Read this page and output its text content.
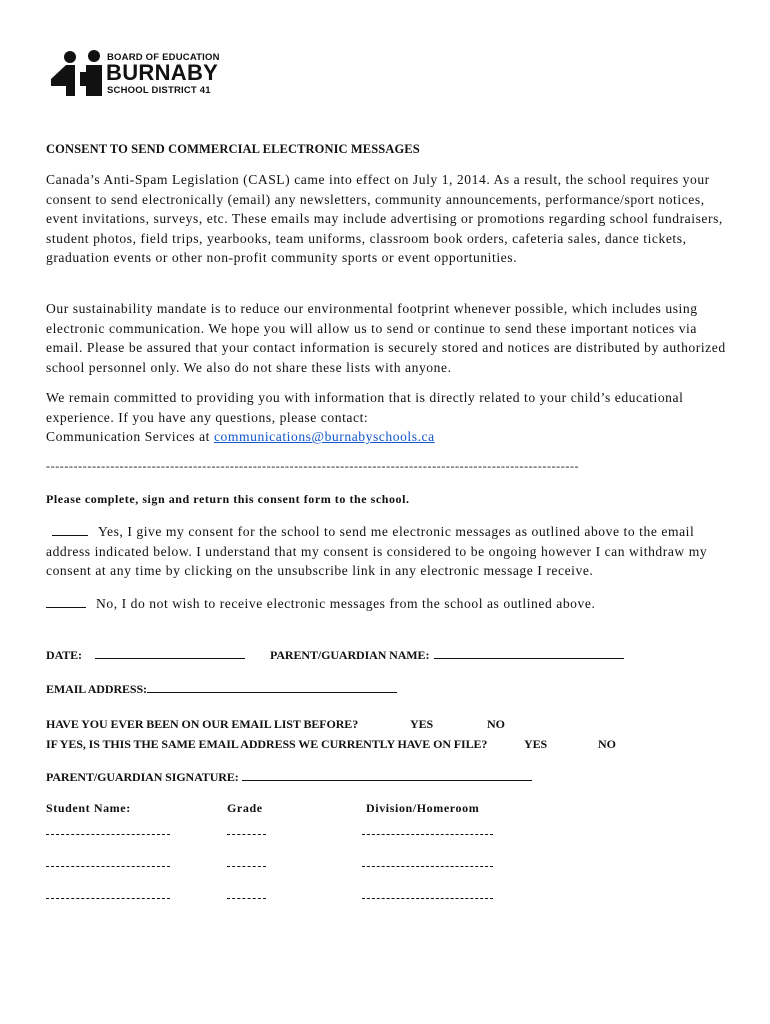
BOARD OF EDUCATION
BURNABY
SCHOOL DISTRICT 41
CONSENT TO SEND COMMERCIAL ELECTRONIC MESSAGES
Canada’s Anti-Spam Legislation (CASL) came into effect on July 1, 2014. As a result, the school requires your consent to send electronically (email) any newsletters, community announcements, performance/sport notices, event invitations, surveys, etc. These emails may include advertising or promotions regarding school fundraisers, student photos, field trips, yearbooks, team uniforms, classroom book orders, cafeteria sales, dance tickets, graduation events or other non-profit community sports or event opportunities.
Our sustainability mandate is to reduce our environmental footprint whenever possible, which includes using electronic communication. We hope you will allow us to send or continue to send these important notices via email. Please be assured that your contact information is securely stored and notices are distributed by authorized school personnel only. We also do not share these lists with anyone.
We remain committed to providing you with information that is directly related to your child’s educational experience. If you have any questions, please contact:
Communication Services at communications@burnabyschools.ca
--------------------------------------------------------------------------------------------------------------------
Please complete, sign and return this consent form to the school.
Yes, I give my consent for the school to send me electronic messages as outlined above to the email address indicated below. I understand that my consent is considered to be ongoing however I can withdraw my consent at any time by clicking on the unsubscribe link in any electronic message I receive.
No, I do not wish to receive electronic messages from the school as outlined above.
DATE:	PARENT/GUARDIAN NAME:
EMAIL ADDRESS:
HAVE YOU EVER BEEN ON OUR EMAIL LIST BEFORE?	YES	NO
IF YES, IS THIS THE SAME EMAIL ADDRESS WE CURRENTLY HAVE ON FILE?	YES	NO
PARENT/GUARDIAN SIGNATURE:
Student Name:	Grade	Division/Homeroom
